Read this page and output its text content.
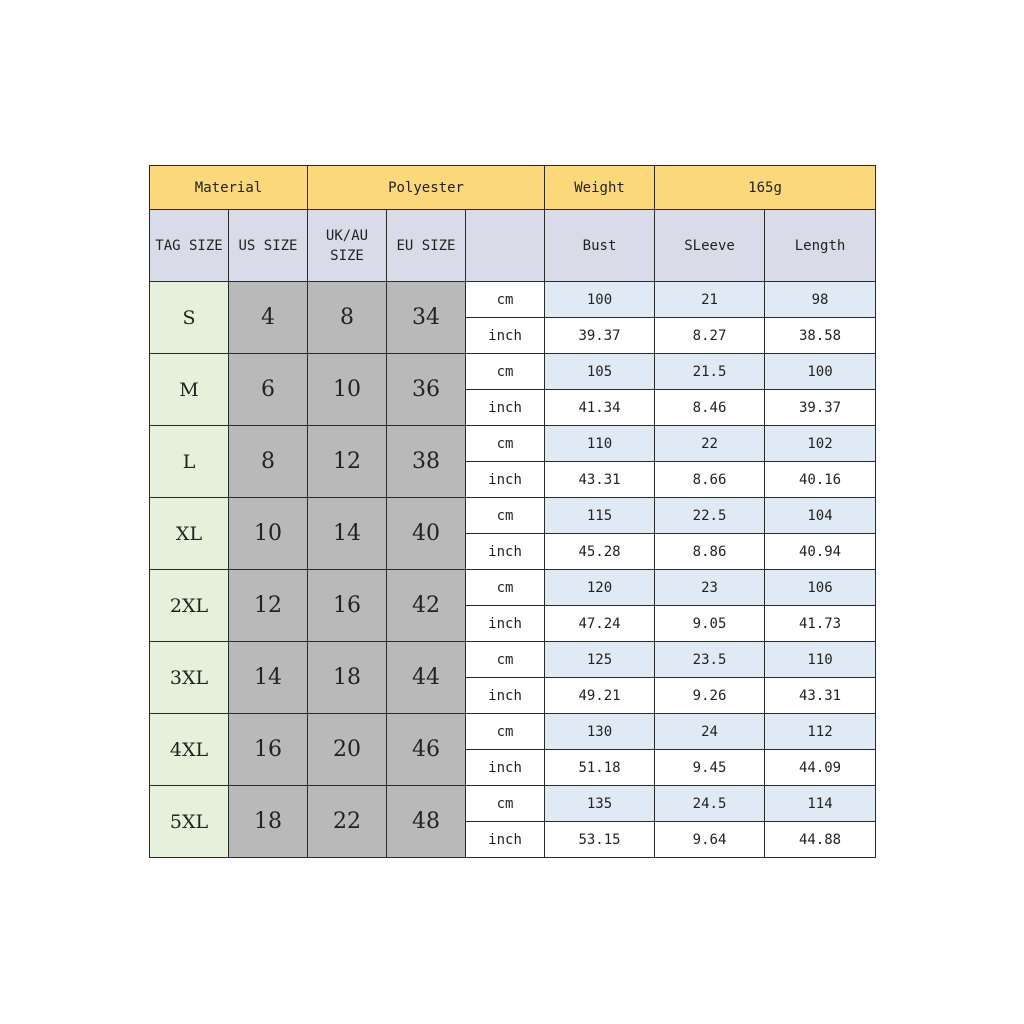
Material		Polyester			Weight	165g	
TAG SIZE	US SIZE	UK/AU SIZE	EU SIZE		Bust	SLeeve	Length
S	4	8	34	cm	100	21	98
				inch	39.37	8.27	38.58
M	6	10	36	cm	105	21.5	100
				inch	41.34	8.46	39.37
L	8	12	38	cm	110	22	102
				inch	43.31	8.66	40.16
XL	10	14	40	cm	115	22.5	104
				inch	45.28	8.86	40.94
2XL	12	16	42	cm	120	23	106
				inch	47.24	9.05	41.73
3XL	14	18	44	cm	125	23.5	110
				inch	49.21	9.26	43.31
4XL	16	20	46	cm	130	24	112
				inch	51.18	9.45	44.09
5XL	18	22	48	cm	135	24.5	114
				inch	53.15	9.64	44.88
